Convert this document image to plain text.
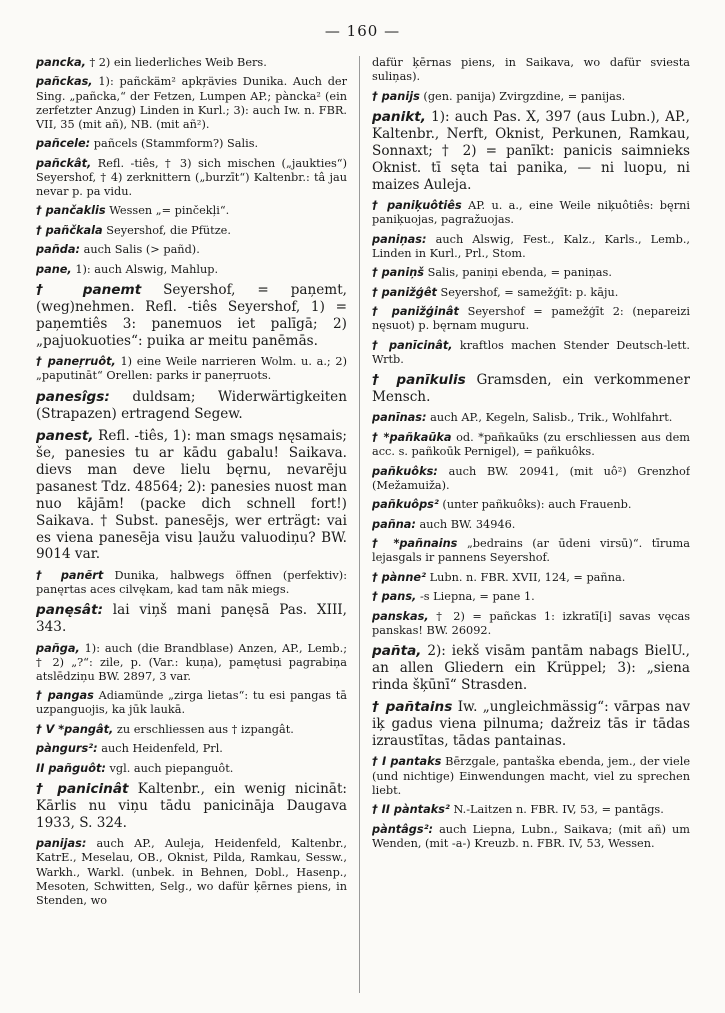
— 160 —

pancka, † 2) ein liederliches Weib Bers.

pañckas, 1): pañckäm² apkŗävies Dunika. Auch der Sing. „pañcka,“ der Fetzen, Lumpen AP.; pàncka² (ein zerfetzter Anzug) Linden in Kurl.; 3): auch Iw. n. FBR. VII, 35 (mit añ), NB. (mit añ²).

pañcele: pañcels (Stammform?) Salis.

pañckât, Refl. -tiês, † 3) sich mischen („jaukties“) Seyershof, † 4) zerknittern („burzīt“) Kaltenbr.: tâ jau nevar p. pa vidu.

† pančaklis Wessen „= pinčekļi“.

† pañčkala Seyershof, die Pfütze.

pañda: auch Salis (> pañd).

pane, 1): auch Alswig, Mahlup.

† panemt Seyershof, = paņemt, (weg)nehmen. Refl. -tiês Seyershof, 1) = paņemtiês 3: panemuos iet palīgā; 2) „pajuokuoties“: puika ar meitu panēmās.

† paneŗruôt, 1) eine Weile narrieren Wolm. u. a.; 2) „paputināt“ Orellen: parks ir paneŗruots.

panesîgs: duldsam; Widerwärtigkeiten (Strapazen) ertragend Segew.

panest, Refl. -tiês, 1): man smags nęsamais; še, panesies tu ar kādu gabalu! Saikava. dievs man deve lielu bęrnu, nevarēju pasanest Tdz. 48564; 2): panesies nuost man nuo kājām! (packe dich schnell fort!) Saikava. † Subst. panesējs, wer erträgt: vai es viena panesēja visu ļaužu valuodiņu? BW. 9014 var.

† panẽrt Dunika, halbwegs öffnen (perfektiv): panęrtas aces cilvękam, kad tam nāk miegs.

panęsât: lai viņš mani panęsā Pas. XIII, 343.

pañga, 1): auch (die Brandblase) Anzen, AP., Lemb.; † 2) „?“: zile, p. (Var.: kuņa), pamętusi pagrabiņa atslēdziņu BW. 2897, 3 var.

† pangas Adiamünde „zirga lietas“: tu esi pangas tā uzpanguojis, ka jūk laukā.

† V *pangât, zu erschliessen aus † izpangât.

pàngurs²: auch Heidenfeld, Prl.

II pañguôt: vgl. auch piepanguôt.

† panicinât Kaltenbr., ein wenig nicināt: Kārlis nu viņu tādu panicināja Daugava 1933, S. 324.

panijas: auch AP., Auleja, Heidenfeld, Kaltenbr., KatrE., Meselau, OB., Oknist, Pilda, Ramkau, Sessw., Warkh., Warkl. (unbek. in Behnen, Dobl., Hasenp., Mesoten, Schwitten, Selg., wo dafür ķērnes piens, in Stenden, wo

dafür ķērnas piens, in Saikava, wo dafür sviesta suliņas).

† panijs (gen. panija) Zvirgzdine, = panijas.

panikt, 1): auch Pas. X, 397 (aus Lubn.), AP., Kaltenbr., Nerft, Oknist, Perkunen, Ramkau, Sonnaxt; † 2) = panīkt: panicis saimnieks Oknist. tī sęta tai panika, — ni luopu, ni maizes Auleja.

† paniķuôtiês AP. u. a., eine Weile niķuôtiês: bęrni paniķuojas, pagražuojas.

paniņas: auch Alswig, Fest., Kalz., Karls., Lemb., Linden in Kurl., Prl., Stom.

† paniņš Salis, paniņi ebenda, = paniņas.

† panižģêt Seyershof, = samežģīt: p. kāju.

† panižģinât Seyershof = pamežģīt 2: (nepareizi nęsuot) p. bęrnam muguru.

† panīcinât, kraftlos machen Stender Deutsch-lett. Wrtb.

† panīkulis Gramsden, ein verkommener Mensch.

panīnas: auch AP., Kegeln, Salisb., Trik., Wohlfahrt.

† *pañkaūka od. *pañkaūks (zu erschliessen aus dem acc. s. pañkoūk Pernigel), = pañkuôks.

pañkuôks: auch BW. 20941, (mit uô²) Grenzhof (Mežamuiža).

pañkuôps² (unter pañkuôks): auch Frauenb.

pañna: auch BW. 34946.

† *pañnains „bedrains (ar ūdeni virsū)“. tīruma lejasgals ir pannens Seyershof.

† pànne² Lubn. n. FBR. XVII, 124, = pañna.

† pans, -s Liepna, = pane 1.

panskas, † 2) = pañckas 1: izkratī[i] savas vęcas panskas! BW. 26092.

pañta, 2): iekš visām pantām nabags BielU., an allen Gliedern ein Krüppel; 3): „siena rinda šķūnī“ Strasden.

† pañtains Iw. „ungleichmässig“: vārpas nav iķ gadus viena pilnuma; dažreiz tās ir tādas izraustītas, tādas pantainas.

† I pantaks Bērzgale, pantaška ebenda, jem., der viele (und nichtige) Einwendungen macht, viel zu sprechen liebt.

† II pàntaks² N.-Laitzen n. FBR. IV, 53, = pantāgs.

pàntâgs²: auch Liepna, Lubn., Saikava; (mit añ) um Wenden, (mit -a-) Kreuzb. n. FBR. IV, 53, Wessen.
